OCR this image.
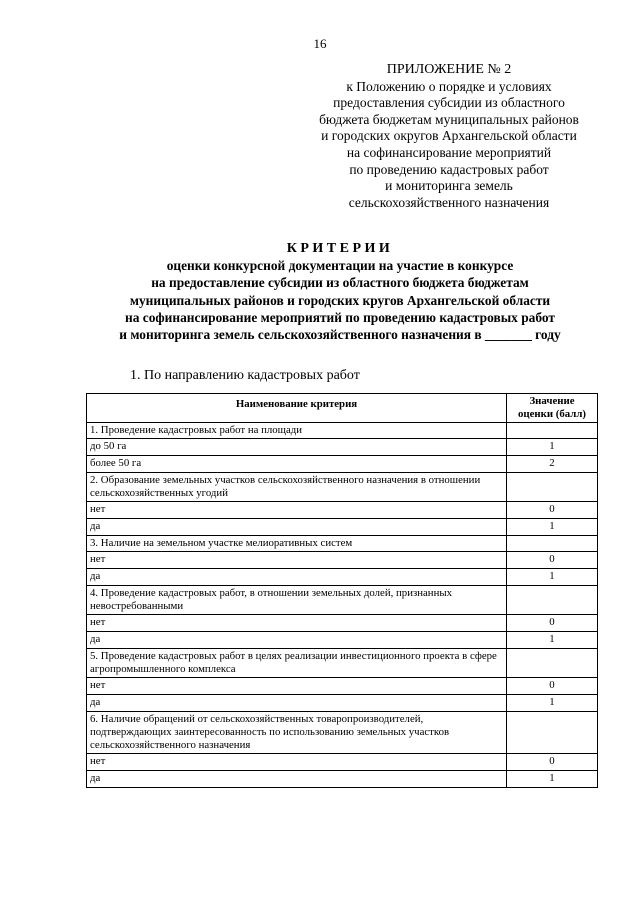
16
ПРИЛОЖЕНИЕ № 2
к Положению о порядке и условиях
предоставления субсидии из областного
бюджета бюджетам муниципальных районов
и городских округов Архангельской области
на софинансирование мероприятий
по проведению кадастровых работ
и мониторинга земель
сельскохозяйственного назначения
КРИТЕРИИ
оценки конкурсной документации на участие в конкурсе
на предоставление субсидии из областного бюджета бюджетам
муниципальных районов и городских кругов Архангельской области
на софинансирование мероприятий по проведению кадастровых работ
и мониторинга земель сельскохозяйственного назначения в _______ году
1. По направлению кадастровых работ
Наименование критерия	Значение
оценки (балл)

1. Проведение кадастровых работ на площади	
до 50 га	1
более 50 га	2
2. Образование земельных участков сельскохозяйственного назначения в отношении сельскохозяйственных угодий	
нет	0
да	1
3. Наличие на земельном участке мелиоративных систем	
нет	0
да	1
4. Проведение кадастровых работ, в отношении земельных долей, признанных невостребованными	
нет	0
да	1
5. Проведение кадастровых работ в целях реализации инвестиционного проекта в сфере агропромышленного комплекса	
нет	0
да	1
6. Наличие обращений от сельскохозяйственных товаропроизводителей, подтверждающих заинтересованность по использованию земельных участков сельскохозяйственного назначения	
нет	0
да	1
